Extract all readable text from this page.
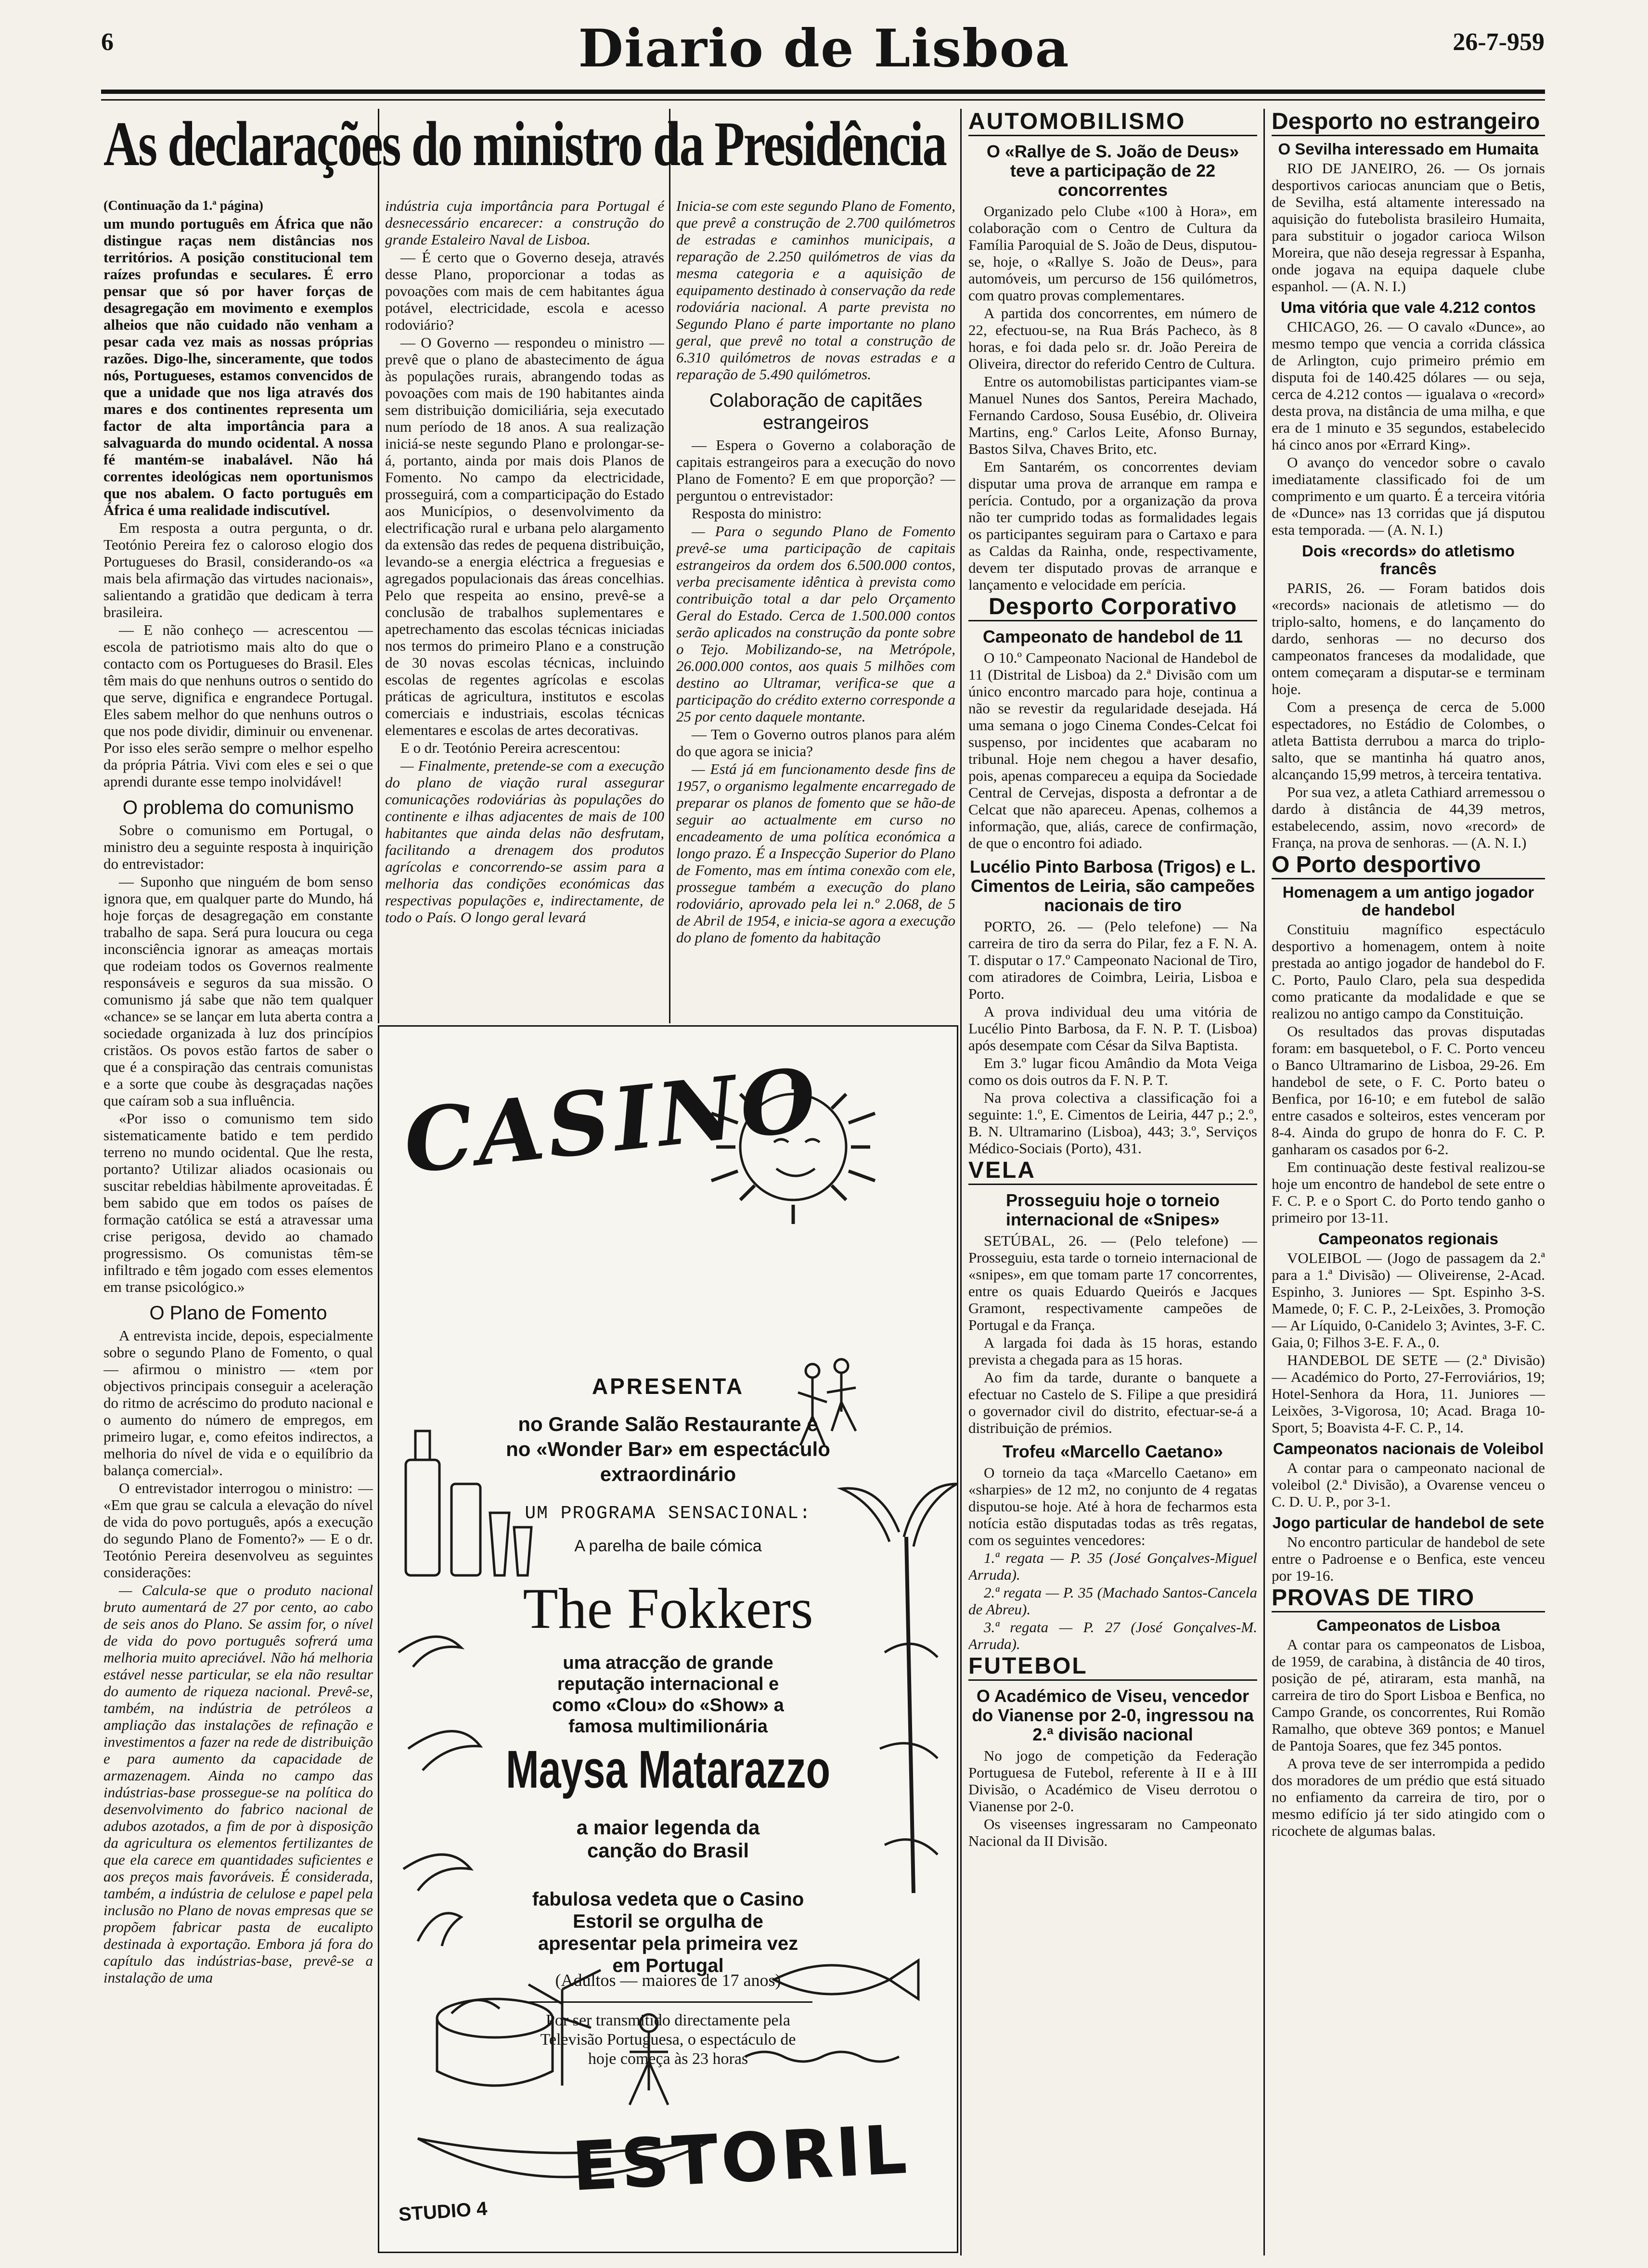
6	Diario de Lisboa	26-7-959
As declarações do ministro da Presidência

(Continuação da 1.ª página)

um mundo português em África que não distingue raças nem distâncias nos territórios. A posição constitucional tem raízes profundas e seculares. É erro pensar que só por haver forças de desagregação em movimento e exemplos alheios que não cuidado não venham a pesar cada vez mais as nossas próprias razões. Digo-lhe, sinceramente, que todos nós, Portugueses, estamos convencidos de que a unidade que nos liga através dos mares e dos continentes representa um factor de alta importância para a salvaguarda do mundo ocidental. A nossa fé mantém-se inabalável. Não há correntes ideológicas nem oportunismos que nos abalem. O facto português em África é uma realidade indiscutível.

Em resposta a outra pergunta, o dr. Teotónio Pereira fez o caloroso elogio dos Portugueses do Brasil, considerando-os «a mais bela afirmação das virtudes nacionais», salientando a gratidão que dedicam à terra brasileira.

— E não conheço — acrescentou — escola de patriotismo mais alto do que o contacto com os Portugueses do Brasil. Eles têm mais do que nenhuns outros o sentido do que serve, dignifica e engrandece Portugal. Eles sabem melhor do que nenhuns outros o que nos pode dividir, diminuir ou envenenar. Por isso eles serão sempre o melhor espelho da própria Pátria. Vivi com eles e sei o que aprendi durante esse tempo inolvidável!

O problema do comunismo

Sobre o comunismo em Portugal, o ministro deu a seguinte resposta à inquirição do entrevistador:

— Suponho que ninguém de bom senso ignora que, em qualquer parte do Mundo, há hoje forças de desagregação em constante trabalho de sapa. Será pura loucura ou cega inconsciência ignorar as ameaças mortais que rodeiam todos os Governos realmente responsáveis e seguros da sua missão. O comunismo já sabe que não tem qualquer «chance» se se lançar em luta aberta contra a sociedade organizada à luz dos princípios cristãos. Os povos estão fartos de saber o que é a conspiração das centrais comunistas e a sorte que coube às desgraçadas nações que caíram sob a sua influência.

«Por isso o comunismo tem sido sistematicamente batido e tem perdido terreno no mundo ocidental. Que lhe resta, portanto? Utilizar aliados ocasionais ou suscitar rebeldias hàbilmente aproveitadas. É bem sabido que em todos os países de formação católica se está a atravessar uma crise perigosa, devido ao chamado progressismo. Os comunistas têm-se infiltrado e têm jogado com esses elementos em transe psicológico.»

O Plano de Fomento

A entrevista incide, depois, especialmente sobre o segundo Plano de Fomento, o qual — afirmou o ministro — «tem por objectivos principais conseguir a aceleração do ritmo de acréscimo do produto nacional e o aumento do número de empregos, em primeiro lugar, e, como efeitos indirectos, a melhoria do nível de vida e o equilíbrio da balança comercial».

O entrevistador interrogou o ministro: — «Em que grau se calcula a elevação do nível de vida do povo português, após a execução do segundo Plano de Fomento?» — E o dr. Teotónio Pereira desenvolveu as seguintes considerações:

— Calcula-se que o produto nacional bruto aumentará de 27 por cento, ao cabo de seis anos do Plano. Se assim for, o nível de vida do povo português sofrerá uma melhoria muito apreciável. Não há melhoria estável nesse particular, se ela não resultar do aumento de riqueza nacional. Prevê-se, também, na indústria de petróleos a ampliação das instalações de refinação e investimentos a fazer na rede de distribuição e para aumento da capacidade de armazenagem. Ainda no campo das indústrias-base prossegue-se na política do desenvolvimento do fabrico nacional de adubos azotados, a fim de por à disposição da agricultura os elementos fertilizantes de que ela carece em quantidades suficientes e aos preços mais favoráveis. É considerada, também, a indústria de celulose e papel pela inclusão no Plano de novas empresas que se propõem fabricar pasta de eucalipto destinada à exportação. Embora já fora do capítulo das indústrias-base, prevê-se a instalação de uma

indústria cuja importância para Portugal é desnecessário encarecer: a construção do grande Estaleiro Naval de Lisboa.

— É certo que o Governo deseja, através desse Plano, proporcionar a todas as povoações com mais de cem habitantes água potável, electricidade, escola e acesso rodoviário?

— O Governo — respondeu o ministro — prevê que o plano de abastecimento de água às populações rurais, abrangendo todas as povoações com mais de 190 habitantes ainda sem distribuição domiciliária, seja executado num período de 18 anos. A sua realização iniciá-se neste segundo Plano e prolongar-se-á, portanto, ainda por mais dois Planos de Fomento. No campo da electricidade, prosseguirá, com a comparticipação do Estado aos Municípios, o desenvolvimento da electrificação rural e urbana pelo alargamento da extensão das redes de pequena distribuição, levando-se a energia eléctrica a freguesias e agregados populacionais das áreas concelhias. Pelo que respeita ao ensino, prevê-se a conclusão de trabalhos suplementares e apetrechamento das escolas técnicas iniciadas nos termos do primeiro Plano e a construção de 30 novas escolas técnicas, incluindo escolas de regentes agrícolas e escolas práticas de agricultura, institutos e escolas comerciais e industriais, escolas técnicas elementares e escolas de artes decorativas.

E o dr. Teotónio Pereira acrescentou:

— Finalmente, pretende-se com a execução do plano de viação rural assegurar comunicações rodoviárias às populações do continente e ilhas adjacentes de mais de 100 habitantes que ainda delas não desfrutam, facilitando a drenagem dos produtos agrícolas e concorrendo-se assim para a melhoria das condições económicas das respectivas populações e, indirectamente, de todo o País. O longo geral levará

Inicia-se com este segundo Plano de Fomento, que prevê a construção de 2.700 quilómetros de estradas e caminhos municipais, a reparação de 2.250 quilómetros de vias da mesma categoria e a aquisição de equipamento destinado à conservação da rede rodoviária nacional. A parte prevista no Segundo Plano é parte importante no plano geral, que prevê no total a construção de 6.310 quilómetros de novas estradas e a reparação de 5.490 quilómetros.

Colaboração de capitães estrangeiros

— Espera o Governo a colaboração de capitais estrangeiros para a execução do novo Plano de Fomento? E em que proporção? — perguntou o entrevistador:

Resposta do ministro:

— Para o segundo Plano de Fomento prevê-se uma participação de capitais estrangeiros da ordem dos 6.500.000 contos, verba precisamente idêntica à prevista como contribuição total a dar pelo Orçamento Geral do Estado. Cerca de 1.500.000 contos serão aplicados na construção da ponte sobre o Tejo. Mobilizando-se, na Metrópole, 26.000.000 contos, aos quais 5 milhões com destino ao Ultramar, verifica-se que a participação do crédito externo corresponde a 25 por cento daquele montante.

— Tem o Governo outros planos para além do que agora se inicia?

— Está já em funcionamento desde fins de 1957, o organismo legalmente encarregado de preparar os planos de fomento que se hão-de seguir ao actualmente em curso no encadeamento de uma política económica a longo prazo. É a Inspecção Superior do Plano de Fomento, mas em íntima conexão com ele, prossegue também a execução do plano rodoviário, aprovado pela lei n.º 2.068, de 5 de Abril de 1954, e inicia-se agora a execução do plano de fomento da habitação

CASINO
APRESENTA
no Grande Salão Restaurante e no «Wonder Bar» em espectáculo extraordinário
UM PROGRAMA SENSACIONAL:
A parelha de baile cómica
The Fokkers
uma atracção de grande reputação internacional e como «Clou» do «Show» a famosa multimilionária
Maysa Matarazzo
a maior legenda da canção do Brasil
fabulosa vedeta que o Casino Estoril se orgulha de apresentar pela primeira vez em Portugal
(Adultos — maiores de 17 anos)
Por ser transmitido directamente pela Televisão Portuguesa, o espectáculo de hoje começa às 23 horas
ESTORIL
STUDIO 4
AUTOMOBILISMO
O «Rallye de S. João de Deus» teve a participação de 22 concorrentes

Organizado pelo Clube «100 à Hora», em colaboração com o Centro de Cultura da Família Paroquial de S. João de Deus, disputou-se, hoje, o «Rallye S. João de Deus», para automóveis, um percurso de 156 quilómetros, com quatro provas complementares.

A partida dos concorrentes, em número de 22, efectuou-se, na Rua Brás Pacheco, às 8 horas, e foi dada pelo sr. dr. João Pereira de Oliveira, director do referido Centro de Cultura.

Entre os automobilistas participantes viam-se Manuel Nunes dos Santos, Pereira Machado, Fernando Cardoso, Sousa Eusébio, dr. Oliveira Martins, eng.º Carlos Leite, Afonso Burnay, Bastos Silva, Chaves Brito, etc.

Em Santarém, os concorrentes deviam disputar uma prova de arranque em rampa e perícia. Contudo, por a organização da prova não ter cumprido todas as formalidades legais os participantes seguiram para o Cartaxo e para as Caldas da Rainha, onde, respectivamente, devem ter disputado provas de arranque e lançamento e velocidade em perícia.

Desporto Corporativo
Campeonato de handebol de 11

O 10.º Campeonato Nacional de Handebol de 11 (Distrital de Lisboa) da 2.ª Divisão com um único encontro marcado para hoje, continua a não se revestir da regularidade desejada. Há uma semana o jogo Cinema Condes-Celcat foi suspenso, por incidentes que acabaram no tribunal. Hoje nem chegou a haver desafio, pois, apenas compareceu a equipa da Sociedade Central de Cervejas, disposta a defrontar a de Celcat que não apareceu. Apenas, colhemos a informação, que, aliás, carece de confirmação, de que o encontro foi adiado.

Lucélio Pinto Barbosa (Trigos) e L. Cimentos de Leiria, são campeões nacionais de tiro

PORTO, 26. — (Pelo telefone) — Na carreira de tiro da serra do Pilar, fez a F. N. A. T. disputar o 17.º Campeonato Nacional de Tiro, com atiradores de Coimbra, Leiria, Lisboa e Porto.

A prova individual deu uma vitória de Lucélio Pinto Barbosa, da F. N. P. T. (Lisboa) após desempate com César da Silva Baptista.

Em 3.º lugar ficou Amândio da Mota Veiga como os dois outros da F. N. P. T.

Na prova colectiva a classificação foi a seguinte: 1.º, E. Cimentos de Leiria, 447 p.; 2.º, B. N. Ultramarino (Lisboa), 443; 3.º, Serviços Médico-Sociais (Porto), 431.

VELA
Prosseguiu hoje o torneio internacional de «Snipes»

SETÚBAL, 26. — (Pelo telefone) — Prosseguiu, esta tarde o torneio internacional de «snipes», em que tomam parte 17 concorrentes, entre os quais Eduardo Queirós e Jacques Gramont, respectivamente campeões de Portugal e da França.

A largada foi dada às 15 horas, estando prevista a chegada para as 15 horas.

Ao fim da tarde, durante o banquete a efectuar no Castelo de S. Filipe a que presidirá o governador civil do distrito, efectuar-se-á a distribuição de prémios.

Trofeu «Marcello Caetano»

O torneio da taça «Marcello Caetano» em «sharpies» de 12 m2, no conjunto de 4 regatas disputou-se hoje. Até à hora de fecharmos esta notícia estão disputadas todas as três regatas, com os seguintes vencedores:

1.ª regata — P. 35 (José Gonçalves-Miguel Arruda).

2.ª regata — P. 35 (Machado Santos-Cancela de Abreu).

3.ª regata — P. 27 (José Gonçalves-M. Arruda).

FUTEBOL
O Académico de Viseu, vencedor do Vianense por 2-0, ingressou na 2.ª divisão nacional

No jogo de competição da Federação Portuguesa de Futebol, referente à II e à III Divisão, o Académico de Viseu derrotou o Vianense por 2-0.

Os viseenses ingressaram no Campeonato Nacional da II Divisão.

Desporto no estrangeiro
O Sevilha interessado em Humaita

RIO DE JANEIRO, 26. — Os jornais desportivos cariocas anunciam que o Betis, de Sevilha, está altamente interessado na aquisição do futebolista brasileiro Humaita, para substituir o jogador carioca Wilson Moreira, que não deseja regressar à Espanha, onde jogava na equipa daquele clube espanhol. — (A. N. I.)

Uma vitória que vale 4.212 contos

CHICAGO, 26. — O cavalo «Dunce», ao mesmo tempo que vencia a corrida clássica de Arlington, cujo primeiro prémio em disputa foi de 140.425 dólares — ou seja, cerca de 4.212 contos — igualava o «record» desta prova, na distância de uma milha, e que era de 1 minuto e 35 segundos, estabelecido há cinco anos por «Errard King».

O avanço do vencedor sobre o cavalo imediatamente classificado foi de um comprimento e um quarto. É a terceira vitória de «Dunce» nas 13 corridas que já disputou esta temporada. — (A. N. I.)

Dois «records» do atletismo francês

PARIS, 26. — Foram batidos dois «records» nacionais de atletismo — do triplo-salto, homens, e do lançamento do dardo, senhoras — no decurso dos campeonatos franceses da modalidade, que ontem começaram a disputar-se e terminam hoje.

Com a presença de cerca de 5.000 espectadores, no Estádio de Colombes, o atleta Battista derrubou a marca do triplo-salto, que se mantinha há quatro anos, alcançando 15,99 metros, à terceira tentativa.

Por sua vez, a atleta Cathiard arremessou o dardo à distância de 44,39 metros, estabelecendo, assim, novo «record» de França, na prova de senhoras. — (A. N. I.)

O Porto desportivo
Homenagem a um antigo jogador de handebol

Constituiu magnífico espectáculo desportivo a homenagem, ontem à noite prestada ao antigo jogador de handebol do F. C. Porto, Paulo Claro, pela sua despedida como praticante da modalidade e que se realizou no antigo campo da Constituição.

Os resultados das provas disputadas foram: em basquetebol, o F. C. Porto venceu o Banco Ultramarino de Lisboa, 29-26. Em handebol de sete, o F. C. Porto bateu o Benfica, por 16-10; e em futebol de salão entre casados e solteiros, estes venceram por 8-4. Ainda do grupo de honra do F. C. P. ganharam os casados por 6-2.

Em continuação deste festival realizou-se hoje um encontro de handebol de sete entre o F. C. P. e o Sport C. do Porto tendo ganho o primeiro por 13-11.

Campeonatos regionais

VOLEIBOL — (Jogo de passagem da 2.ª para a 1.ª Divisão) — Oliveirense, 2-Acad. Espinho, 3. Juniores — Spt. Espinho 3-S. Mamede, 0; F. C. P., 2-Leixões, 3. Promoção — Ar Líquido, 0-Canidelo 3; Avintes, 3-F. C. Gaia, 0; Filhos 3-E. F. A., 0.

HANDEBOL DE SETE — (2.ª Divisão) — Académico do Porto, 27-Ferroviários, 19; Hotel-Senhora da Hora, 11. Juniores — Leixões, 3-Vigorosa, 10; Acad. Braga 10-Sport, 5; Boavista 4-F. C. P., 14.

Campeonatos nacionais de Voleibol

A contar para o campeonato nacional de voleibol (2.ª Divisão), a Ovarense venceu o C. D. U. P., por 3-1.

Jogo particular de handebol de sete

No encontro particular de handebol de sete entre o Padroense e o Benfica, este venceu por 19-16.

PROVAS DE TIRO
Campeonatos de Lisboa

A contar para os campeonatos de Lisboa, de 1959, de carabina, à distância de 40 tiros, posição de pé, atiraram, esta manhã, na carreira de tiro do Sport Lisboa e Benfica, no Campo Grande, os concorrentes, Rui Romão Ramalho, que obteve 369 pontos; e Manuel de Pantoja Soares, que fez 345 pontos.

A prova teve de ser interrompida a pedido dos moradores de um prédio que está situado no enfiamento da carreira de tiro, por o mesmo edifício já ter sido atingido com o ricochete de algumas balas.
